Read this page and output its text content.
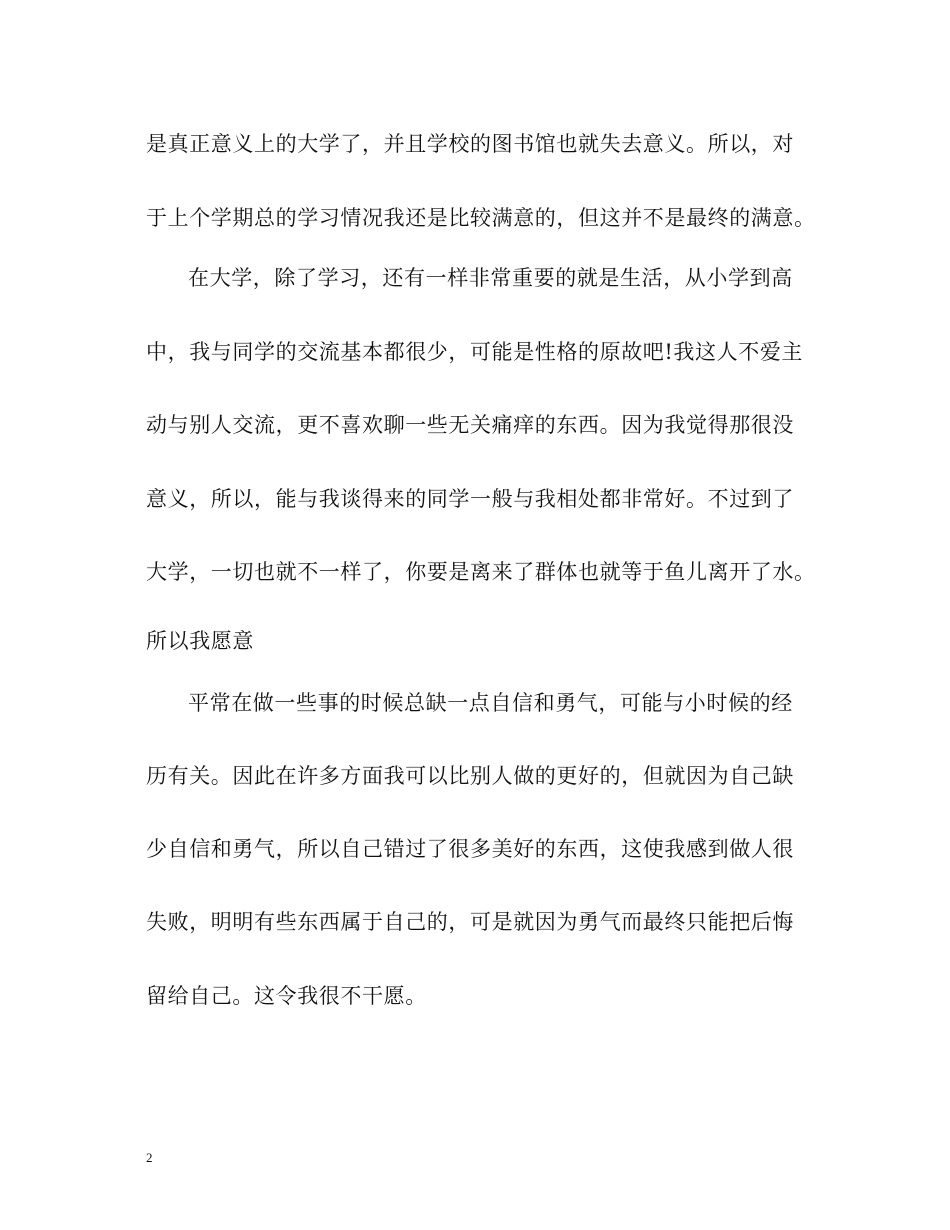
是真正意义上的大学了，并且学校的图书馆也就失去意义。所以，对
于上个学期总的学习情况我还是比较满意的，但这并不是最终的满意。
在大学，除了学习，还有一样非常重要的就是生活，从小学到高
中，我与同学的交流基本都很少，可能是性格的原故吧!我这人不爱主
动与别人交流，更不喜欢聊一些无关痛痒的东西。因为我觉得那很没
意义，所以，能与我谈得来的同学一般与我相处都非常好。不过到了
大学，一切也就不一样了，你要是离来了群体也就等于鱼儿离开了水。
所以我愿意
平常在做一些事的时候总缺一点自信和勇气，可能与小时候的经
历有关。因此在许多方面我可以比别人做的更好的，但就因为自己缺
少自信和勇气，所以自己错过了很多美好的东西，这使我感到做人很
失败，明明有些东西属于自己的，可是就因为勇气而最终只能把后悔
留给自己。这令我很不干愿。
2
